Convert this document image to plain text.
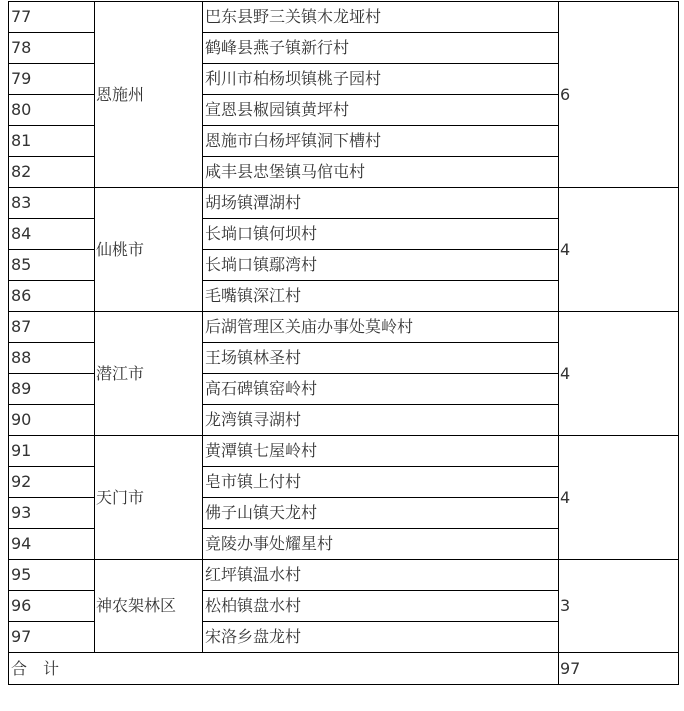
77	恩施州	巴东县野三关镇木龙垭村	6
78		鹤峰县燕子镇新行村	
79		利川市柏杨坝镇桃子园村	
80		宣恩县椒园镇黄坪村	
81		恩施市白杨坪镇洞下槽村	
82		咸丰县忠堡镇马倌屯村	
83	仙桃市	胡场镇潭湖村	4
84		长埫口镇何坝村	
85		长埫口镇鄢湾村	
86		毛嘴镇深江村	
87	潜江市	后湖管理区关庙办事处莫岭村	4
88		王场镇林圣村	
89		高石碑镇窑岭村	
90		龙湾镇寻湖村	
91	天门市	黄潭镇七屋岭村	4
92		皂市镇上付村	
93		佛子山镇天龙村	
94		竟陵办事处耀星村	
95	神农架林区	红坪镇温水村	3
96		松柏镇盘水村	
97		宋洛乡盘龙村	
合　计			97
